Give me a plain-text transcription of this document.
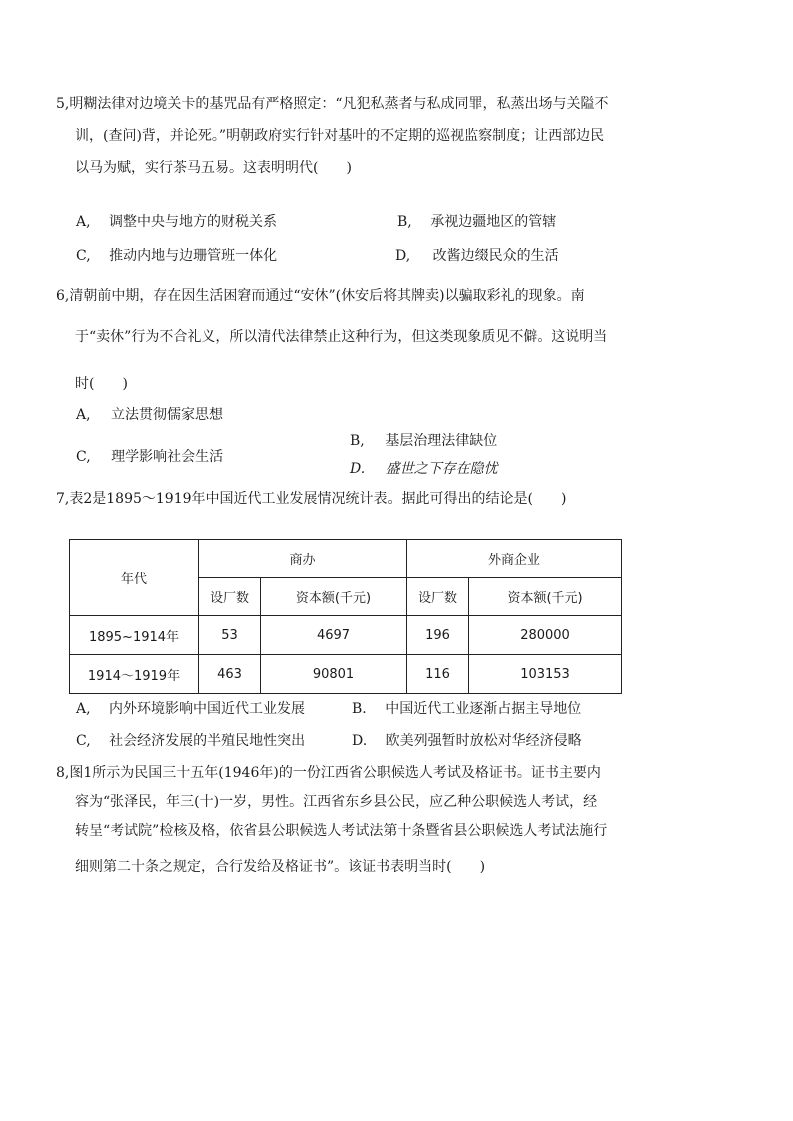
5,明糊法律对边境关卡的基咒品有严格照定：“凡犯私蒸者与私成同罪，私蒸出场与关隘不
训，(查问)背，并论死。”明朝政府实行针对基叶的不定期的巡视监察制度；让西部边民
以马为赋，实行茶马五易。这表明明代(　　)
A, 调整中央与地方的财税关系	B, 承视边疆地区的管辖
C, 推动内地与边珊管班一体化	D, 改酱边缀民众的生活
6,清朝前中期，存在因生活困窘而通过“安休”(休安后将其牌卖)以骗取彩礼的现象。南
于“卖休”行为不合礼义，所以清代法律禁止这种行为，但这类现象质见不僻。这说明当
时(　　)
A, 立法贯彻儒家思想
B, 基层治理法律缺位
C, 理学影响社会生活
D. 盛世之下存在隐忧
7,表2是1895～1919年中国近代工业发展情况统计表。据此可得出的结论是(　　)
年代	商办		外商企业	
	设厂数	资本额(千元)	设厂数	资本额(千元)
1895~1914年	53	4697	196	280000
1914～1919年	463	90801	116	103153
A, 内外环境影响中国近代工业发展	B. 中国近代工业逐渐占据主导地位
C, 社会经济发展的半殖民地性突出	D. 欧美列强暂时放松对华经济侵略
8,图1所示为民国三十五年(1946年)的一份江西省公职候选人考试及格证书。证书主要内
容为“张泽民，年三(十)一岁，男性。江西省东乡县公民，应乙种公职候选人考试，经
转呈“考试院”检核及格，依省县公职候选人考试法第十条暨省县公职候选人考试法施行
细则第二十条之规定，合行发给及格证书”。该证书表明当时(　　)
